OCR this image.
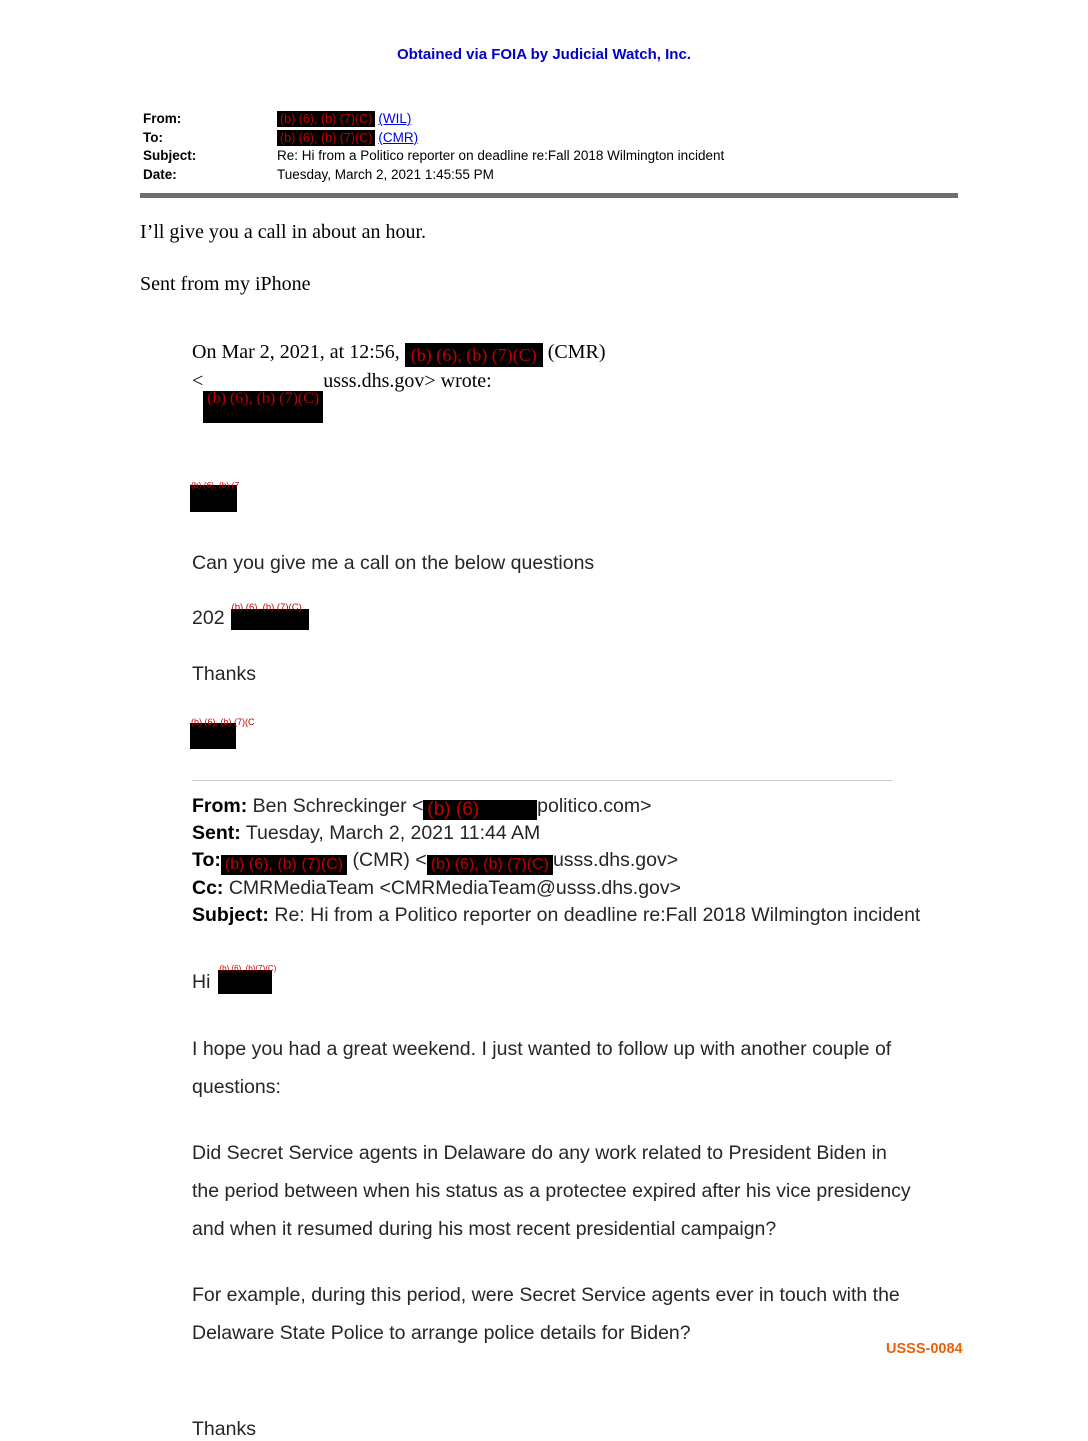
Obtained via FOIA by Judicial Watch, Inc.
From:	(b) (6), (b) (7)(C) (WIL)
To:	(b) (6), (b) (7)(C) (CMR)
Subject:	Re: Hi from a Politico reporter on deadline re:Fall 2018 Wilmington incident
Date:	Tuesday, March 2, 2021 1:45:55 PM
I’ll give you a call in about an hour.
Sent from my iPhone
On Mar 2, 2021, at 12:56, (b) (6), (b) (7)(C) (CMR)
<(b) (6), (b) (7)(C)usss.dhs.gov> wrote:
(b) (6), (b) (7
Can you give me a call on the below questions
202 (b) (6), (b) (7)(C)
Thanks
(b) (6), (b) (7)(C
From: Ben Schreckinger < (b) (6)	politico.com>
Sent: Tuesday, March 2, 2021 11:44 AM
To: (b) (6), (b) (7)(C) (CMR) < (b) (6), (b) (7)(C) usss.dhs.gov>
Cc: CMRMediaTeam <CMRMediaTeam@usss.dhs.gov>
Subject: Re: Hi from a Politico reporter on deadline re:Fall 2018 Wilmington incident
Hi
(b) (6), (b)(7)(C)
I hope you had a great weekend. I just wanted to follow up with another couple of questions:
Did Secret Service agents in Delaware do any work related to President Biden in the period between when his status as a protectee expired after his vice presidency and when it resumed during his most recent presidential campaign?
For example, during this period, were Secret Service agents ever in touch with the Delaware State Police to arrange police details for Biden?
Thanks
USSS-0084
